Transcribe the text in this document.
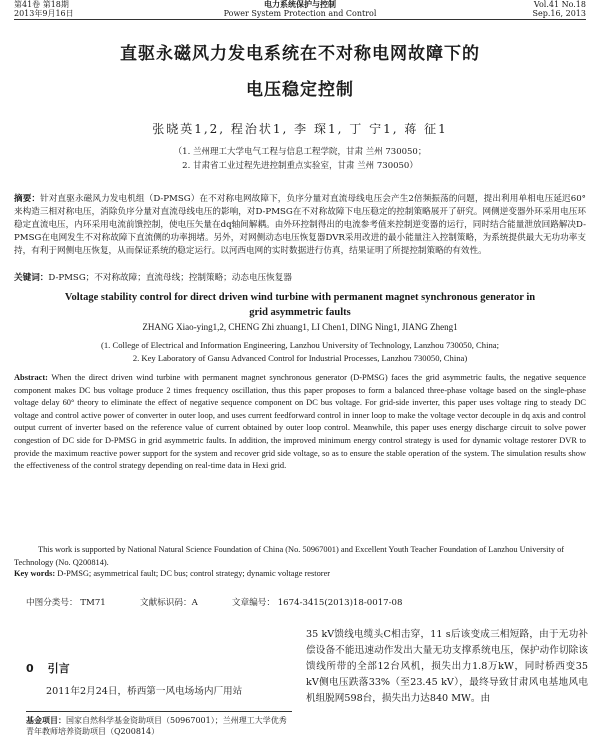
第41卷 第18期
2013年9月16日
电力系统保护与控制
Power System Protection and Control
Vol.41 No.18
Sep.16, 2013
直驱永磁风力发电系统在不对称电网故障下的
电压稳定控制
张晓英1,2, 程治状1, 李 琛1, 丁 宁1, 蒋 征1
（1. 兰州理工大学电气工程与信息工程学院，甘肃 兰州 730050；
2. 甘肃省工业过程先进控制重点实验室，甘肃 兰州 730050）
摘要：针对直驱永磁风力发电机组（D-PMSG）在不对称电网故障下，负序分量对直流母线电压会产生2倍频振荡的问题，提出利用单相电压延迟60°来构造三相对称电压，消除负序分量对直流母线电压的影响，对D-PMSG在不对称故障下电压稳定的控制策略展开了研究。网侧逆变器外环采用电压环稳定直流电压，内环采用电流前馈控制，使电压矢量在dq轴间解耦。由外环控制得出的电流参考值来控制逆变器的运行，同时结合能量泄放回路解决D-PMSG在电网发生不对称故障下直流侧的功率拥堵。另外，对网侧动态电压恢复器DVR采用改进的最小能量注入控制策略，为系统提供最大无功功率支持，有利于网侧电压恢复，从而保证系统的稳定运行。以河西电网的实时数据进行仿真，结果证明了所提控制策略的有效性。
关键词：D-PMSG；不对称故障；直流母线；控制策略；动态电压恢复器
Voltage stability control for direct driven wind turbine with permanent magnet synchronous generator in
grid asymmetric faults
ZHANG Xiao-ying1,2, CHENG Zhi zhuang1, LI Chen1, DING Ning1, JIANG Zheng1
(1. College of Electrical and Information Engineering, Lanzhou University of Technology, Lanzhou 730050, China;
2. Key Laboratory of Gansu Advanced Control for Industrial Processes, Lanzhou 730050, China)
Abstract: When the direct driven wind turbine with permanent magnet synchronous generator (D-PMSG) faces the grid asymmetric faults, the negative sequence component makes DC bus voltage produce 2 times frequency oscillation, thus this paper proposes to form a balanced three-phase voltage based on the single-phase voltage delay 60° theory to eliminate the effect of negative sequence component on DC bus voltage. For grid-side inverter, this paper uses voltage ring to steady DC voltage and control active power of converter in outer loop, and uses current feedforward control in inner loop to make the voltage vector decouple in dq axis and control output current of inverter based on the reference value of current obtained by outer loop control. Meanwhile, this paper uses energy discharge circuit to solve power congestion of DC side for D-PMSG in grid asymmetric faults. In addition, the improved minimum energy control strategy is used for dynamic voltage restorer DVR to provide the maximum reactive power support for the system and recover grid side voltage, so as to ensure the stable operation of the system. The simulation results show the effectiveness of the control strategy depending on real-time data in Hexi grid.
This work is supported by National Natural Science Foundation of China (No. 50967001) and Excellent Youth Teacher Foundation of Lanzhou University of Technology (No. Q200814).
Key words: D-PMSG; asymmetrical fault; DC bus; control strategy; dynamic voltage restorer
中图分类号： TM71	文献标识码：A	文章编号： 1674-3415(2013)18-0017-08
0 引言
2011年2月24日，桥西第一风电场场内厂用站
基金项目：国家自然科学基金资助项目（50967001）；兰州理工大学优秀青年教师培养资助项目（Q200814）
35 kV馈线电缆头C相击穿，11 s后该变成三相短路，由于无功补偿设备不能迅速动作发出大量无功支撑系统电压，保护动作切除该馈线所带的全部12台风机，损失出力1.8万kW，同时桥西变35 kV侧电压跌落33%（至23.45 kV），最终导致甘肃风电基地风电机组脱网598台，损失出力达840 MW。由
